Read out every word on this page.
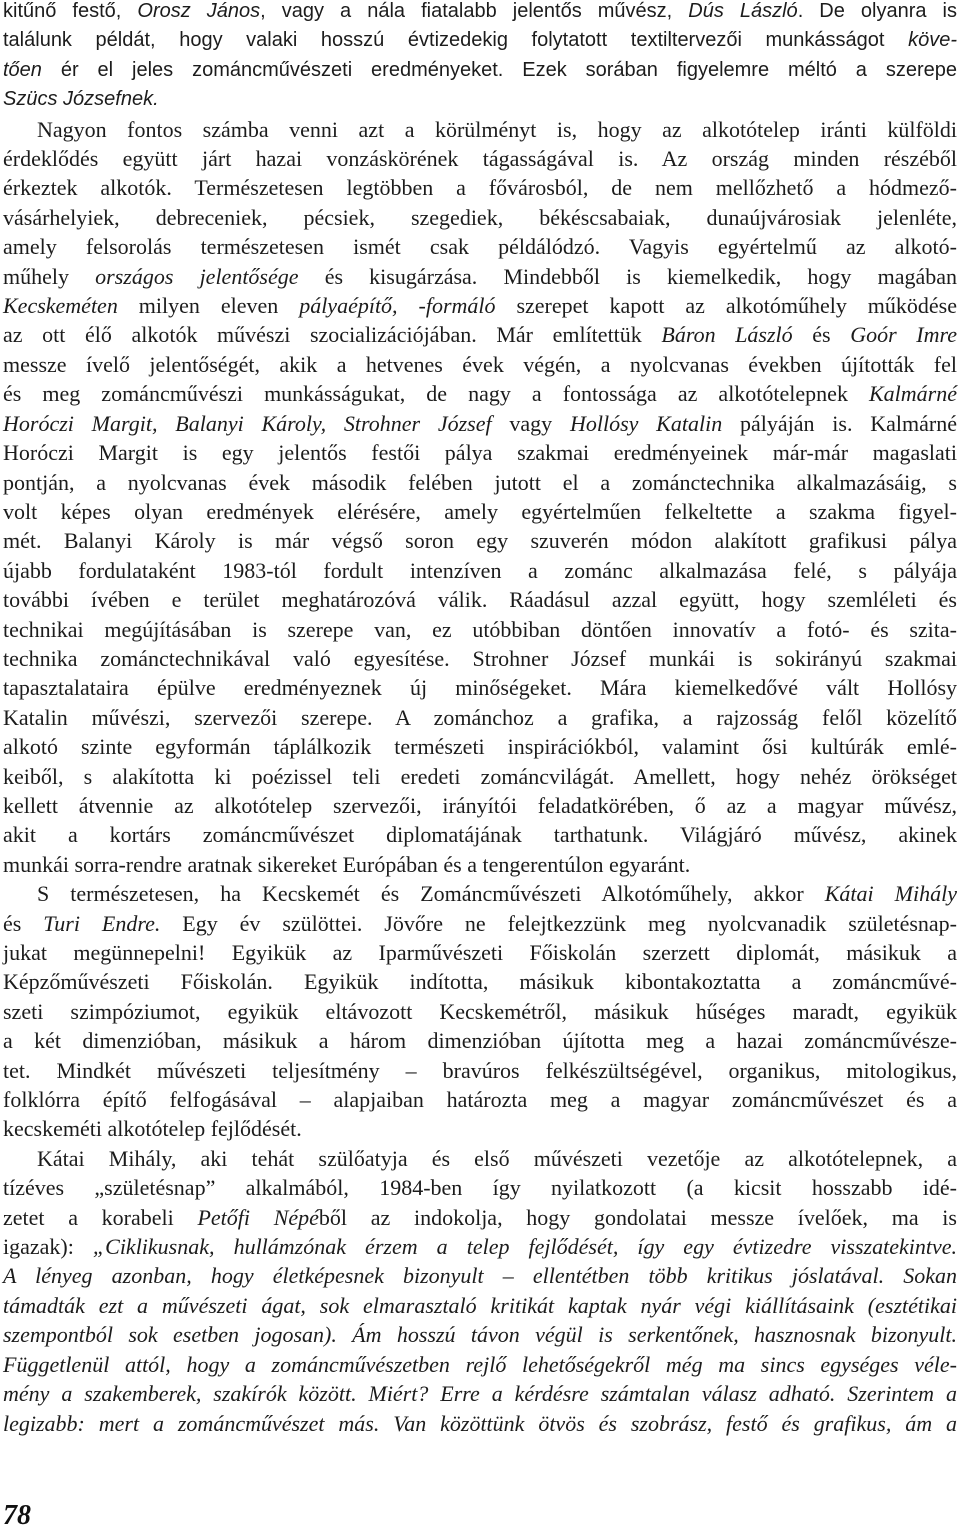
kitűnő festő, Orosz János, vagy a nála fiatalabb jelentős művész, Dús László. De olyanra is
találunk példát, hogy valaki hosszú évtizedekig folytatott textiltervezői munkásságot köve-
tően ér el jeles zománcművészeti eredményeket. Ezek sorában figyelemre méltó a szerepe
Szücs Józsefnek.
Nagyon fontos számba venni azt a körülményt is, hogy az alkotótelep iránti külföldi
érdeklődés együtt járt hazai vonzáskörének tágasságával is. Az ország minden részéből
érkeztek alkotók. Természetesen legtöbben a fővárosból, de nem mellőzhető a hódmező-
vásárhelyiek, debreceniek, pécsiek, szegediek, békéscsabaiak, dunaújvárosiak jelenléte,
amely felsorolás természetesen ismét csak példálódzó. Vagyis egyértelmű az alkotó-
műhely országos jelentősége és kisugárzása. Mindebből is kiemelkedik, hogy magában
Kecskeméten milyen eleven pályaépítő, -formáló szerepet kapott az alkotóműhely működése
az ott élő alkotók művészi szocializációjában. Már említettük Báron László és Goór Imre
messze ívelő jelentőségét, akik a hetvenes évek végén, a nyolcvanas években újították fel
és meg zománcművészi munkásságukat, de nagy a fontossága az alkotótelepnek Kalmárné
Horóczi Margit, Balanyi Károly, Strohner József vagy Hollósy Katalin pályáján is. Kalmárné
Horóczi Margit is egy jelentős festői pálya szakmai eredményeinek már-már magaslati
pontján, a nyolcvanas évek második felében jutott el a zománctechnika alkalmazásáig, s
volt képes olyan eredmények elérésére, amely egyértelműen felkeltette a szakma figyel-
mét. Balanyi Károly is már végső soron egy szuverén módon alakított grafikusi pálya
újabb fordulataként 1983-tól fordult intenzíven a zománc alkalmazása felé, s pályája
további ívében e terület meghatározóvá válik. Ráadásul azzal együtt, hogy szemléleti és
technikai megújításában is szerepe van, ez utóbbiban döntően innovatív a fotó- és szita-
technika zománctechnikával való egyesítése. Strohner József munkái is sokirányú szakmai
tapasztalataira épülve eredményeznek új minőségeket. Mára kiemelkedővé vált Hollósy
Katalin művészi, szervezői szerepe. A zománchoz a grafika, a rajzosság felől közelítő
alkotó szinte egyformán táplálkozik természeti inspirációkból, valamint ősi kultúrák emlé-
keiből, s alakította ki poézissel teli eredeti zománcvilágát. Amellett, hogy nehéz örökséget
kellett átvennie az alkotótelep szervezői, irányítói feladatkörében, ő az a magyar művész,
akit a kortárs zománcművészet diplomatájának tarthatunk. Világjáró művész, akinek
munkái sorra-rendre aratnak sikereket Európában és a tengerentúlon egyaránt.
S természetesen, ha Kecskemét és Zománcművészeti Alkotóműhely, akkor Kátai Mihály
és Turi Endre. Egy év szülöttei. Jövőre ne felejtkezzünk meg nyolcvanadik születésnap-
jukat megünnepelni! Egyikük az Iparművészeti Főiskolán szerzett diplomát, másikuk a
Képzőművészeti Főiskolán. Egyikük indította, másikuk kibontakoztatta a zománcművé-
szeti szimpóziumot, egyikük eltávozott Kecskemétről, másikuk hűséges maradt, egyikük
a két dimenzióban, másikuk a három dimenzióban újította meg a hazai zománcművésze-
tet. Mindkét művészeti teljesítmény – bravúros felkészültségével, organikus, mitologikus,
folklórra építő felfogásával – alapjaiban határozta meg a magyar zománcművészet és a
kecskeméti alkotótelep fejlődését.
Kátai Mihály, aki tehát szülőatyja és első művészeti vezetője az alkotótelepnek, a
tízéves „születésnap” alkalmából, 1984-ben így nyilatkozott (a kicsit hosszabb idé-
zetet a korabeli Petőfi Népéből az indokolja, hogy gondolatai messze ívelőek, ma is
igazak): „Ciklikusnak, hullámzónak érzem a telep fejlődését, így egy évtizedre visszatekintve.
A lényeg azonban, hogy életképesnek bizonyult – ellentétben több kritikus jóslatával. Sokan
támadták ezt a művészeti ágat, sok elmarasztaló kritikát kaptak nyár végi kiállításaink (esztétikai
szempontból sok esetben jogosan). Ám hosszú távon végül is serkentőnek, hasznosnak bizonyult.
Függetlenül attól, hogy a zománcművészetben rejlő lehetőségekről még ma sincs egységes véle-
mény a szakemberek, szakírók között. Miért? Erre a kérdésre számtalan válasz adható. Szerintem a
legizabb: mert a zománcművészet más. Van közöttünk ötvös és szobrász, festő és grafikus, ám a
78
